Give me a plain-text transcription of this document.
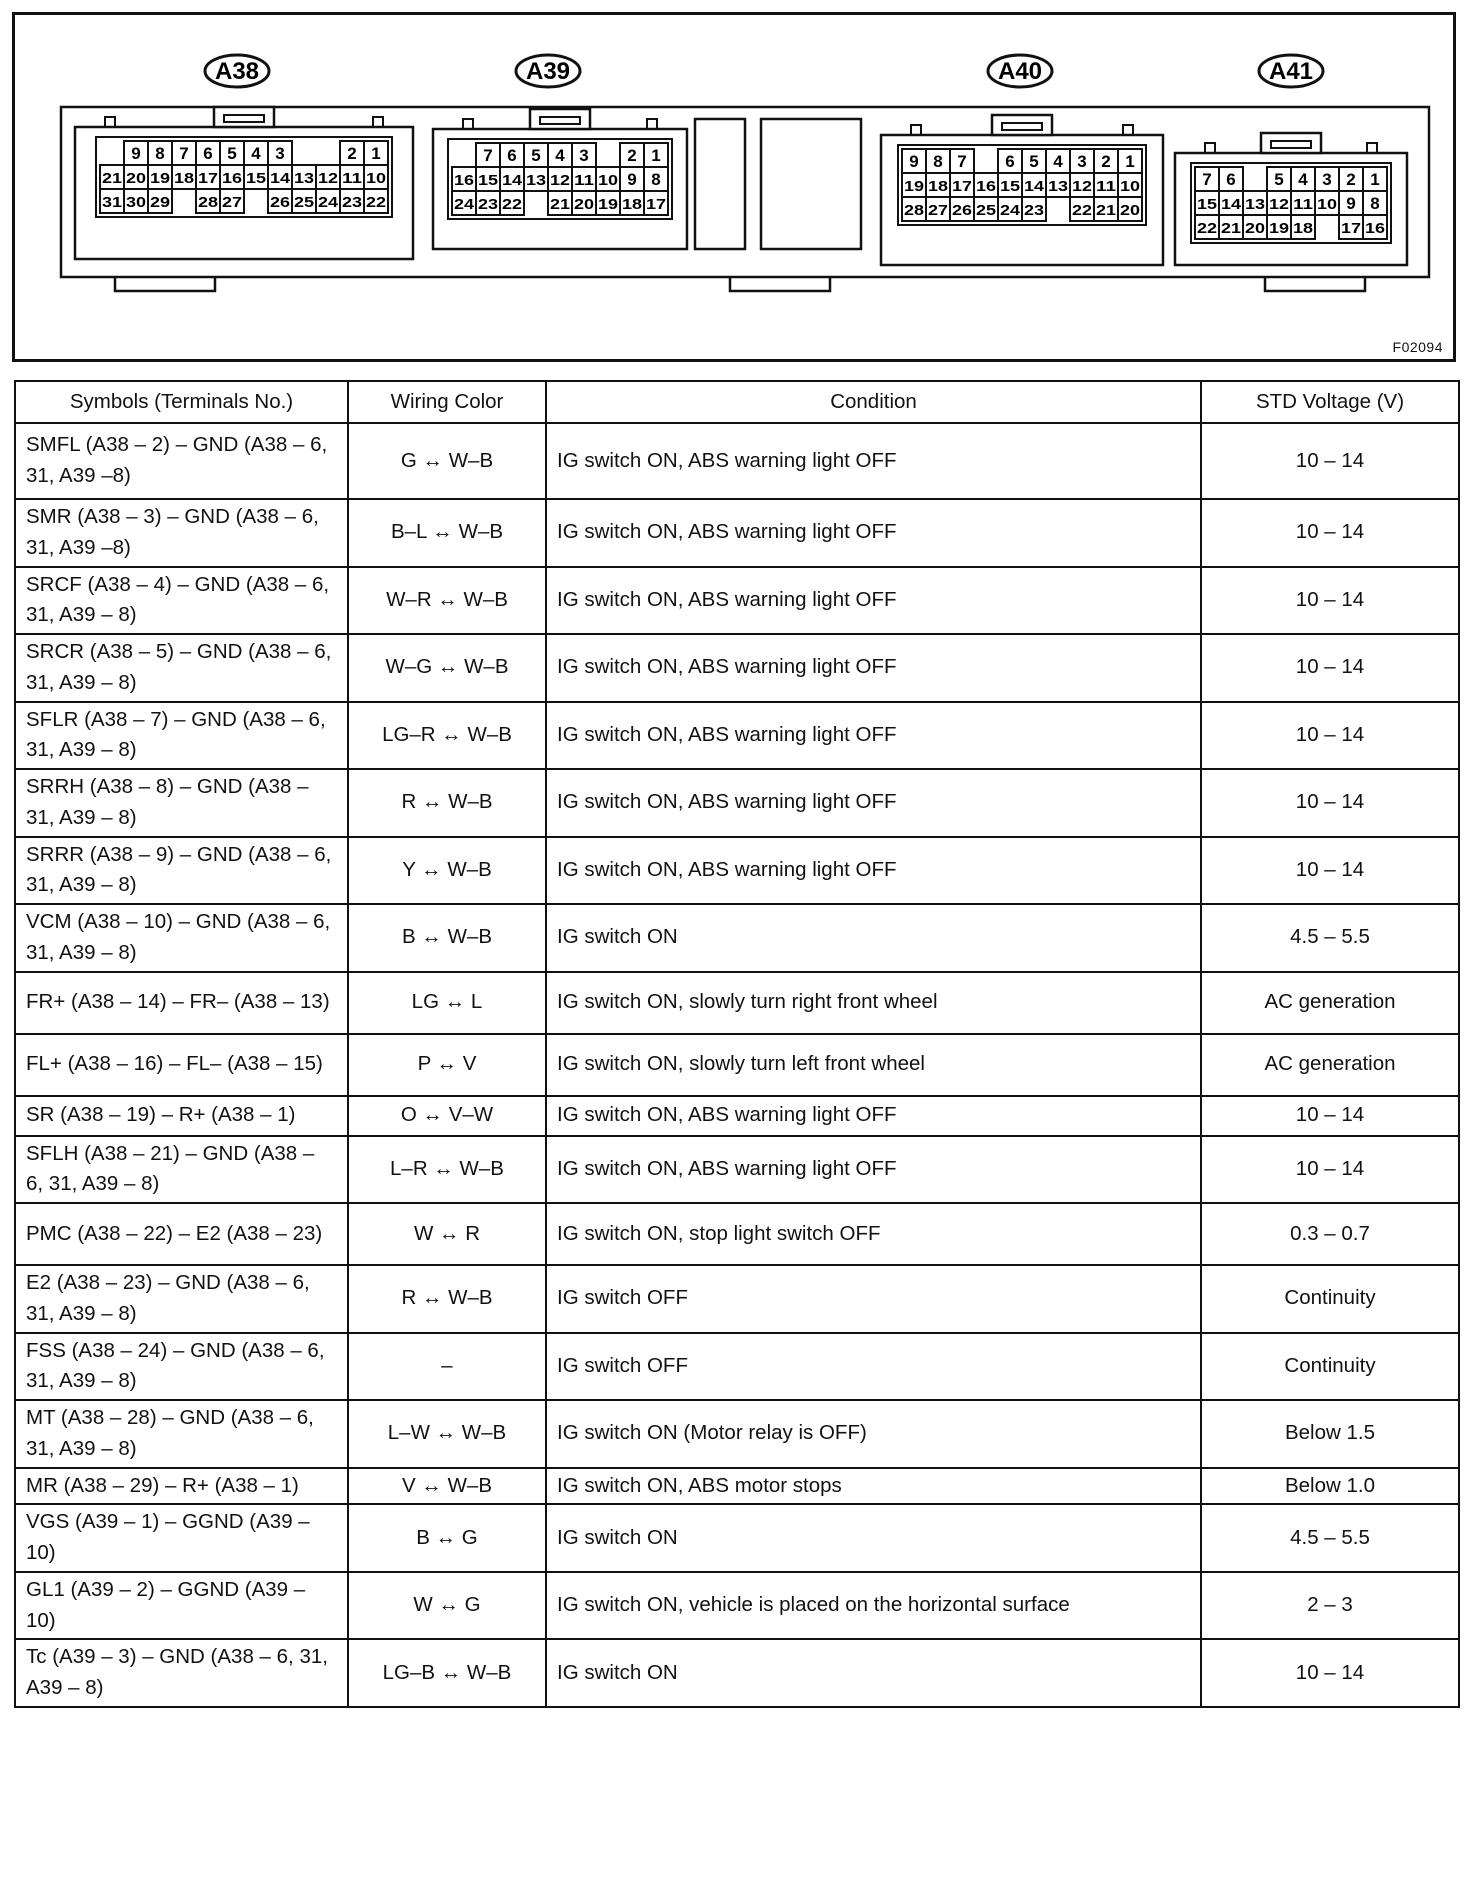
A38
9 8 7 6 5 4 3	2 1
21 20 19 18 17 16 15 14 13 12 11 10
31 30 29 28 27 26 25 24 23 22
A39
7 6 5 4 3 2 1
16 15 14 13 12 11 10 9 8
24 23 22 21 20 19 18 17
A40
9 8 7 6 5 4 3 2 1
19 18 17 16 15 14 13 12 11 10
28 27 26 25 24 23 22 21 20
A41
7 6 5 4 3 2 1
15 14 13 12 11 10 9 8
22 21 20 19 18 17 16
F02094
Symbols (Terminals No.)	Wiring Color	Condition	STD Voltage (V)
SMFL (A38 – 2) – GND (A38 – 6, 31, A39 –8)	G ↔ W–B	IG switch ON, ABS warning light OFF	10 – 14
SMR (A38 – 3) – GND (A38 – 6, 31, A39 –8)	B–L ↔ W–B	IG switch ON, ABS warning light OFF	10 – 14
SRCF (A38 – 4) – GND (A38 – 6, 31, A39 – 8)	W–R ↔ W–B	IG switch ON, ABS warning light OFF	10 – 14
SRCR (A38 – 5) – GND (A38 – 6, 31, A39 – 8)	W–G ↔ W–B	IG switch ON, ABS warning light OFF	10 – 14
SFLR (A38 – 7) – GND (A38 – 6, 31, A39 – 8)	LG–R ↔ W–B	IG switch ON, ABS warning light OFF	10 – 14
SRRH (A38 – 8) – GND (A38 – 31, A39 – 8)	R ↔ W–B	IG switch ON, ABS warning light OFF	10 – 14
SRRR (A38 – 9) – GND (A38 – 6, 31, A39 – 8)	Y ↔ W–B	IG switch ON, ABS warning light OFF	10 – 14
VCM (A38 – 10) – GND (A38 – 6, 31, A39 – 8)	B ↔ W–B	IG switch ON	4.5 – 5.5
FR+ (A38 – 14) – FR– (A38 – 13)	LG ↔ L	IG switch ON, slowly turn right front wheel	AC generation
FL+ (A38 – 16) – FL– (A38 – 15)	P ↔ V	IG switch ON, slowly turn left front wheel	AC generation
SR (A38 – 19) – R+ (A38 – 1)	O ↔ V–W	IG switch ON, ABS warning light OFF	10 – 14
SFLH (A38 – 21) – GND (A38 – 6, 31, A39 – 8)	L–R ↔ W–B	IG switch ON, ABS warning light OFF	10 – 14
PMC (A38 – 22) – E2 (A38 – 23)	W ↔ R	IG switch ON, stop light switch OFF	0.3 – 0.7
E2 (A38 – 23) – GND (A38 – 6, 31, A39 – 8)	R ↔ W–B	IG switch OFF	Continuity
FSS (A38 – 24) – GND (A38 – 6, 31, A39 – 8)	–	IG switch OFF	Continuity
MT (A38 – 28) – GND (A38 – 6, 31, A39 – 8)	L–W ↔ W–B	IG switch ON (Motor relay is OFF)	Below 1.5
MR (A38 – 29) – R+ (A38 – 1)	V ↔ W–B	IG switch ON, ABS motor stops	Below 1.0
VGS (A39 – 1) – GGND (A39 – 10)	B ↔ G	IG switch ON	4.5 – 5.5
GL1 (A39 – 2) – GGND (A39 – 10)	W ↔ G	IG switch ON, vehicle is placed on the horizontal surface	2 – 3
Tc (A39 – 3) – GND (A38 – 6, 31, A39 – 8)	LG–B ↔ W–B	IG switch ON	10 – 14
